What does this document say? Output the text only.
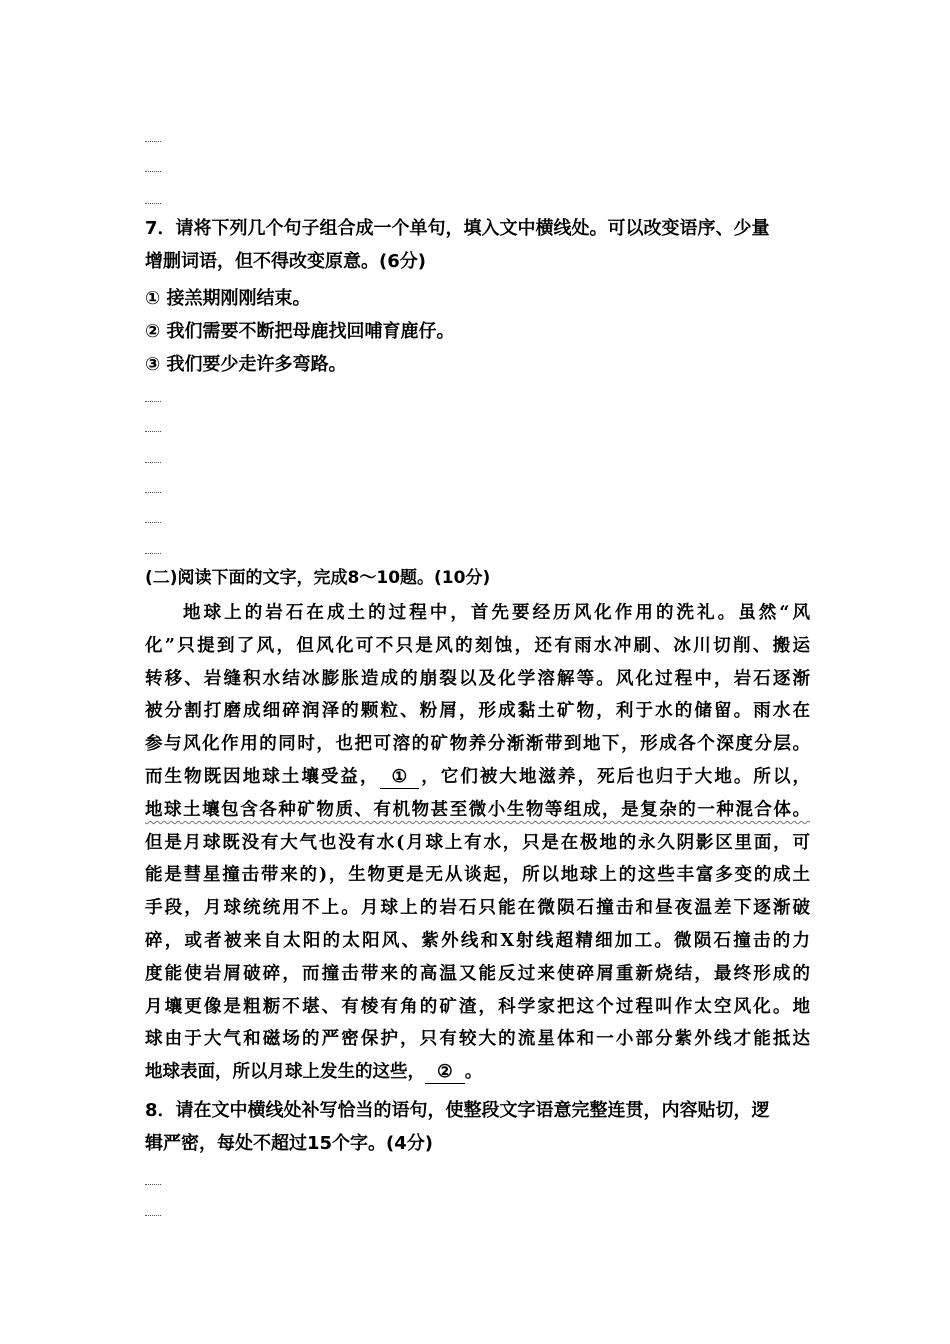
7．请将下列几个句子组合成一个单句，填入文中横线处。可以改变语序、少量
增删词语，但不得改变原意。(6分)
① 接羔期刚刚结束。
② 我们需要不断把母鹿找回哺育鹿仔。
③ 我们要少走许多弯路。
(二)阅读下面的文字，完成8～10题。(10分)
地球上的岩石在成土的过程中，首先要经历风化作用的洗礼。虽然“风
化”只提到了风，但风化可不只是风的刻蚀，还有雨水冲刷、冰川切削、搬运
转移、岩缝积水结冰膨胀造成的崩裂以及化学溶解等。风化过程中，岩石逐渐
被分割打磨成细碎润泽的颗粒、粉屑，形成黏土矿物，利于水的储留。雨水在
参与风化作用的同时，也把可溶的矿物养分渐渐带到地下，形成各个深度分层。
而生物既因地球土壤受益， ① ，它们被大地滋养，死后也归于大地。所以，
地球土壤包含各种矿物质、有机物甚至微小生物等组成，是复杂的一种混合体。
但是月球既没有大气也没有水(月球上有水，只是在极地的永久阴影区里面，可
能是彗星撞击带来的)，生物更是无从谈起，所以地球上的这些丰富多变的成土
手段，月球统统用不上。月球上的岩石只能在微陨石撞击和昼夜温差下逐渐破
碎，或者被来自太阳的太阳风、紫外线和X射线超精细加工。微陨石撞击的力
度能使岩屑破碎，而撞击带来的高温又能反过来使碎屑重新烧结，最终形成的
月壤更像是粗粝不堪、有棱有角的矿渣，科学家把这个过程叫作太空风化。地
球由于大气和磁场的严密保护，只有较大的流星体和一小部分紫外线才能抵达
地球表面，所以月球上发生的这些， ② 。
8．请在文中横线处补写恰当的语句，使整段文字语意完整连贯，内容贴切，逻
辑严密，每处不超过15个字。(4分)
